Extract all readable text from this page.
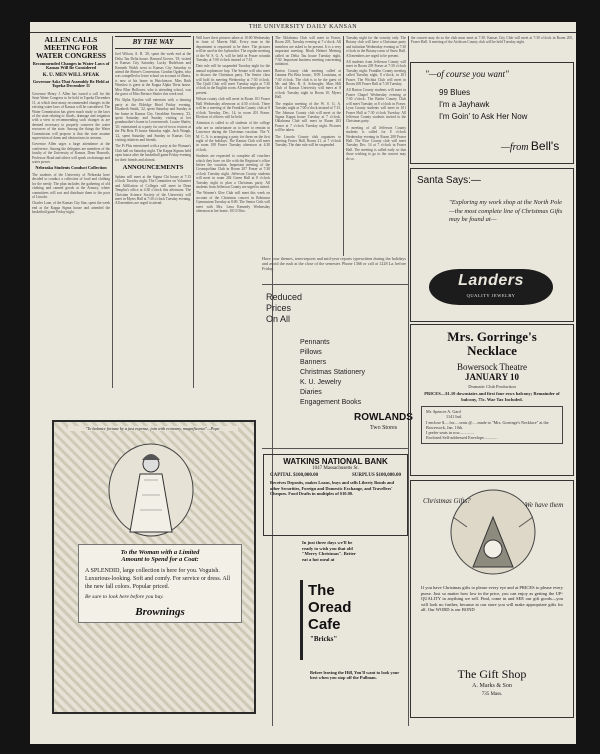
THE UNIVERSITY DAILY KANSAN
ALLEN CALLS MEETING FOR WATER CONGRESS
Recommended Changes in Water Laws of Kansas Will Be Considered
K. U. MEN WILL SPEAK
Governor Asks That Assembly Be Held at Topeka December 11

Governor Henry J. Allen has issued a call for the State Water Congress to be held in Topeka December 11, at which time many recommended changes in the existing water laws of Kansas will be considered. The Water Commission has given much study to the laws of the state relating to floods, drainage and irrigation with a view to recommending such changes as are deemed necessary to properly conserve the water resources of the state. Among the things the Water Commission will propose is that the state assume supervision of dams and obstructions in streams.

Governor Allen urges a large attendance at the conference. Among the delegates are members of the faculty of the University of Kansas. Dean Haworth, Professor Hoad and others will speak on drainage and water power.

Nebraska Students Conduct Collection

The students of the University of Nebraska have decided to conduct a collection of food and clothing for the needy. The plan includes the gathering of old clothing and canned goods at the Armory, where committees will sort and distribute them to the poor of Lincoln.

Charles Lane, of the Kansas City Star, spent the week end at the Kappa Sigma house and attended the basketball game Friday night.

BY THE WAY

Joel Wilson, A. B. '20, spent the week end at the Delta Tau Delta house. Bernard Grover, '18, visited in Kansas City Saturday. Lucky Hudelston and Kenneth Walsh went to Kansas City Saturday to attend the Shrine's Convention. Gordon Ogden, who was compelled to leave school on account of illness, is now at his home in Hutchinson. Miss Ruth Winslow is guest at the Kappa Alpha Theta house. Miss Blue Hollower, who is attending school, was the guest of Miss Bernice Shafer this week end.

Phi Alpha Epsilon will entertain with a dancing party at the Eldridge Hotel Friday evening. Elizabeth Smith, '22, spent Saturday and Sunday at her home in Kansas City. Geraldine Sweeney, '23, spent Saturday and Sunday visiting at her grandmother's home in Leavenworth. Louise Shafer, '20, entertained at a party for out-of-town visitors at the Phi Beta Pi house Saturday night. Jack Waugh, '22, spent Saturday and Sunday in Kansas City visiting relatives and friends.

The Pi Phis entertained with a party at the Woman's Club hall on Saturday night. The Kappa Sigmas held open house after the basketball game Friday evening for their friends and alumni.

ANNOUNCEMENTS

Sphinx will meet at the Sigma Chi house at 7:15 o'clock Tuesday night. The Committee on Volunteer and Affiliation of Colleges will meet in Dean Templin's office at 4:30 o'clock this afternoon. The Christian Science Society of the University will meet in Myers Hall at 7:30 o'clock Tuesday evening. All members are urged to attend.

Will have their pictures taken at 10:00 Wednesday in front of Marvin Hall. Every man in the department is requested to be there. The pictures will be used in the Jayhawker. The regular meeting of the W. S. G. A. will be held in Fraser rotunda Tuesday at 7:00 o'clock instead of 7:15.

Date rule will be suspended Tuesday night for the annual sophomore hop. The Senate will also meet to discuss the Christmas party. The Senior class will hold its meeting Wednesday at 7:30 o'clock. The Quill Club will meet Tuesday night at 7:30 o'clock in the English room. All members please be present.

Wilson county club will meet in Room 101 Fraser Hall Wednesday afternoon at 4:30 o'clock. There will be a meeting of the Franklin County club at 8 o'clock Tuesday, Dec. 14, in room 201 Fraser. Election of officers will be held.

Attention is called to all students of the college who are so unfortunate as to have to remain in Lawrence during the Christmas vacation. The Y. M. C. A. is arranging a party for them on the first night of the holidays. The Kansas Club will meet in room 108 Fraser Tuesday afternoon at 4:30 o'clock.

Students are requested to complete all vouchers which they have on file with the Registrar's office before the vacation. Important meeting of the Cosmopolitan Club in Room 207 Fraser at 7:30 o'clock Tuesday night. Jefferson County students will meet in room 204 Green Hall at 8 o'clock Tuesday night to plan a Christmas party. All students from Jefferson County are urged to attend.

The Women's Glee Club will meet this week on account of the Christmas concert in Robinson Gymnasium Tuesday at 8:00. The Senior Girls will meet with Mrs. Lena Kennedy Wednesday afternoon at her home, 1013 Ohio.

The Oklahoma Club will meet in Fraser, Room 205, Tuesday evening at 7 o'clock. All members are asked to be present. It is a very important meeting. Black Helmet Meeting called on Delta Tau house Tuesday night, 7:30. Important business meeting concerning initiation.

Barton County club meeting called at Gamma Phi Beta house, 1109 Louisiana, at 7:30 o'clock. The club is to be the guest of Mr. and Mrs. R. A. Schwegler. Mars Hill Club of Kansas University will meet at 8 o'clock Tuesday night in Room 10, Myers Hall.

The regular meeting of the W. S. G. A. Tuesday night at 7:00 o'clock instead of 7:15. The Johnson County club will meet at the Sigma Kappa house Tuesday at 7 o'clock. Oklahoma Club will meet in Room 203 Fraser at 7 o'clock Tuesday night. Pictures will be taken.

The Lincoln County club organizes to meeting Fraser Hall, Room 21, at 7 o'clock Tuesday. The date rule will be suspended.

Tuesday night for the sorority only. The Botany club will have a Christmas party and initiation Wednesday evening at 7:30 o'clock in the Botany room of Snow Hall. All members are urged to be present.

All students from Jefferson County will meet in Room 205 Fraser at 7:30 o'clock Tuesday night. Franklin County meeting called Tuesday night, 8 o'clock, in 201 Fraser. The Wichita Club will meet in Room 208 Fraser Hall at 7:30 Tuesday.

All Barton County students will meet in Fraser Chapel Wednesday evening at 7:30 o'clock. The Butler County Club will meet Tuesday at 8 o'clock in Fraser. Lyon County students will meet in 101 Fraser Hall at 7:30 o'clock Tuesday. All Jefferson County students invited to the Christmas party.

A meeting of all Jefferson County students is called for 8 o'clock Wednesday evening in Room 208 Fraser Hall. The Rice County club will meet Tuesday Dec. 14 at 7 o'clock in Fraser Hall. The meeting is called early so that those wishing to go to the concert may do so.

the concert may do so the club must meet at 7:30. Kansas City Club will meet at 7:30 o'clock in Room 205, Fraser Hall. A meeting of the Atchison County club will be held Tuesday night.

Have your themes, term-reports and mid-year reports typewritten during the holidays and avoid the rush at the close of the semester. Phone 1366 or call at 1228 La. before Friday.

Reduced
Prices
On All
Pennants
Pillows
Banners
Christmas Stationery
K. U. Jewelry
Diaries
Engagement Books
ROWLANDS
Two Stores
WATKINS NATIONAL BANK
1047 Massachusetts St.
CAPITAL $100,000.00	SURPLUS $100,000.00
Receives Deposits, makes Loans, buys and sells Liberty Bonds and other Securities, Foreign and Domestic Exchange, and Travellers' Cheques. Food Drafts in multiples of $10.00.

In just three days we'll be ready to wish you that old "Merry Christmas". Better eat a hot meal at

The
Oread
Cafe
"Bricks"

Before leaving the Hill, You'll want to look your best when you stop off the Pullman.

"To balance fortune by a just expense, join with economy, magnificence"—Pope.
To the Woman with a Limited
Amount to Spend for a Coat:
A SPLENDID, large collection is here for you. Voguish. Luxurious-looking. Soft and comfy. For service or dress. All the new fall colors. Popular priced.
Be sure to look here before you buy.
Brownings
"—of course you want"
99 Blues
I'm a Jayhawk
I'm Goin' to Ask Her Now
—from Bell's
Santa Says:—
"Exploring my work shop at the North Pole—the most complete line of Christmas Gifts may be found at—
Landers
QUALITY JEWELRY
Mrs. Gorringe's
Necklace
Bowersock Theatre
JANUARY 10
Dramatic Club Production
PRICES—$1.10 downstairs and first four rows balcony; Remainder of balcony, 75c. War Tax Included.
Mr. Spencer A. Gard
1141 Ind.
I enclose $.....for.....seats @.....made to "Mrs. Gorringe's Necklace" at the Bowersock, Jan. 10th.
I prefer seats in row..............
Enclosed Self-addressed Envelope.............
Christmas Gifts?	We have them
If you have Christmas gifts to please every eye and at PRICES to please every purse. Just so matter how low in the price, you can enjoy as getting the UP-QUALITY in anything we sell. Find, come in and SEE our gift goods—you will look no further, because at our store you will make appropriate gifts for all. Our WORD is our BOND
The Gift Shop
A. Marks & Son
735 Mass.
